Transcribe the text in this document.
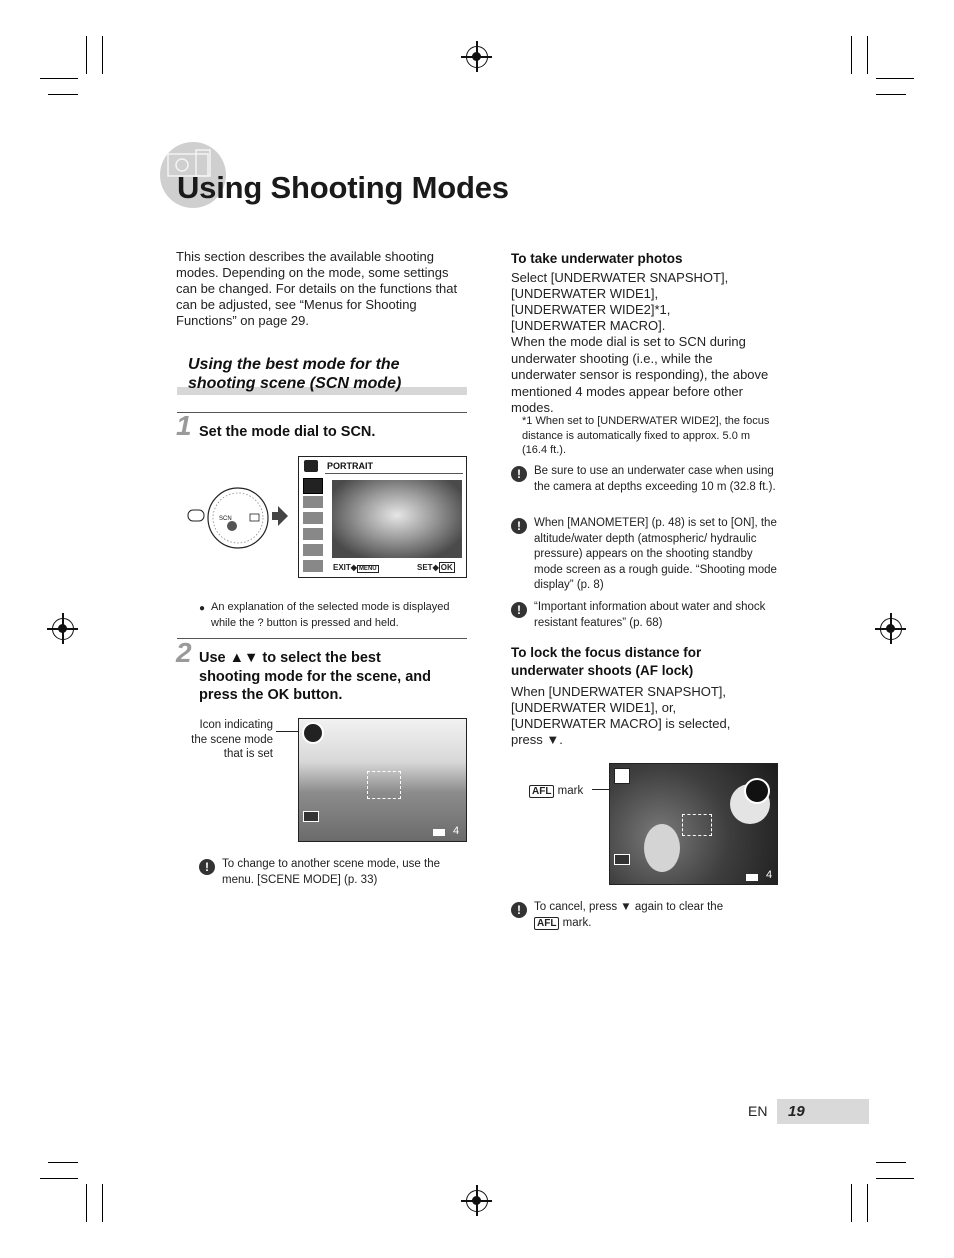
Using Shooting Modes
This section describes the available shooting modes. Depending on the mode, some settings can be changed. For details on the functions that can be adjusted, see “Menus for Shooting Functions” on page 29.
Using the best mode for the
shooting scene (SCN mode)
1 Set the mode dial to SCN.
SCN
PORTRAIT
EXIT◆ MENU	SET◆ OK
● An explanation of the selected mode is displayed while the ? button is pressed and held.
2 Use ▲▼ to select the best
shooting mode for the scene, and
press the OK button.
Icon indicating
the scene mode
that is set
4
!	To change to another scene mode, use the menu. [SCENE MODE] (p. 33)
To take underwater photos
Select [UNDERWATER SNAPSHOT],
[UNDERWATER WIDE1],
[UNDERWATER WIDE2]*1,
[UNDERWATER MACRO].
When the mode dial is set to SCN during underwater shooting (i.e., while the underwater sensor is responding), the above mentioned 4 modes appear before other modes.
*1 When set to [UNDERWATER WIDE2], the focus distance is automatically fixed to approx. 5.0 m (16.4 ft.).
!	Be sure to use an underwater case when using the camera at depths exceeding 10 m (32.8 ft.).
!	When [MANOMETER] (p. 48) is set to [ON], the altitude/water depth (atmospheric/ hydraulic pressure) appears on the shooting standby mode screen as a rough guide. “Shooting mode display” (p. 8)
!	“Important information about water and shock resistant features” (p. 68)
To lock the focus distance for
underwater shoots (AF lock)
When [UNDERWATER SNAPSHOT],
[UNDERWATER WIDE1], or,
[UNDERWATER MACRO] is selected,
press ▼.
AFL mark
4
!	To cancel, press ▼ again to clear the
AFL mark.
EN 19
